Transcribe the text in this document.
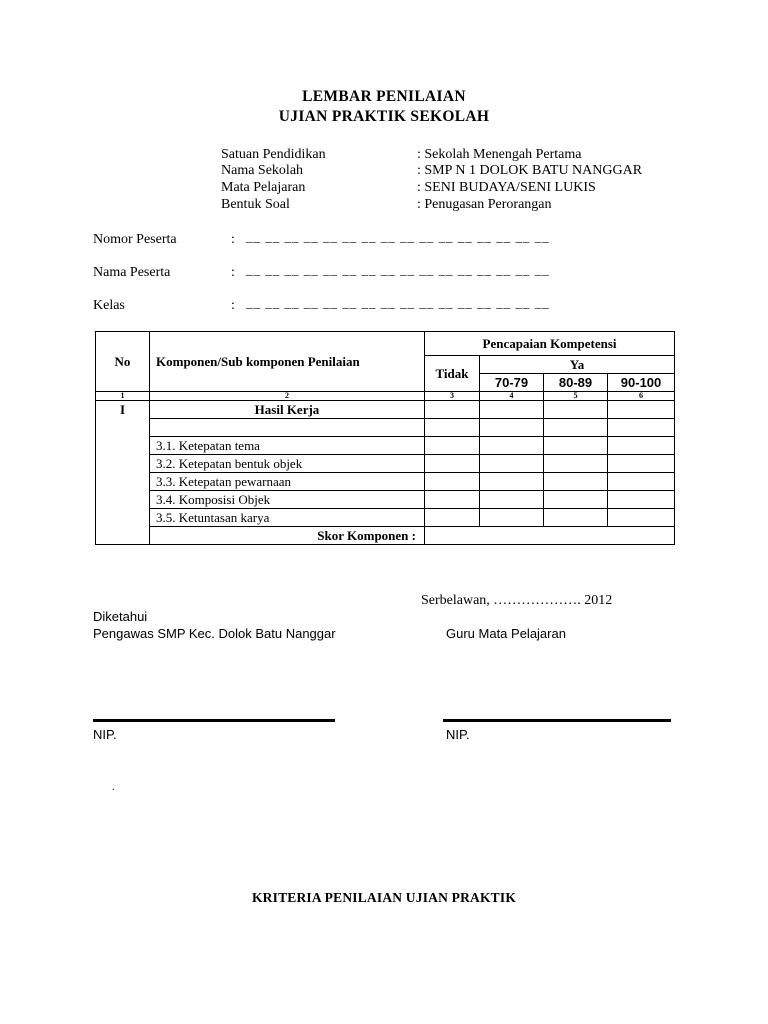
LEMBAR PENILAIAN
UJIAN PRAKTIK SEKOLAH
Satuan Pendidikan	: Sekolah Menengah Pertama
Nama Sekolah	: SMP N 1 DOLOK BATU NANGGAR
Mata Pelajaran	: SENI BUDAYA/SENI LUKIS
Bentuk Soal	: Penugasan Perorangan
Nomor Peserta	: __ __ __ __ __ __ __ __ __ __ __ __ __ __ __ __
Nama Peserta	: __ __ __ __ __ __ __ __ __ __ __ __ __ __ __ __
Kelas	: __ __ __ __ __ __ __ __ __ __ __ __ __ __ __ __
No	Komponen/Sub komponen Penilaian	Pencapaian Kompetensi			
		Tidak	Ya		
			70-79	80-89	90-100
1	2	3	4	5	6
I	Hasil Kerja				

	3.1. Ketepatan tema				
	3.2. Ketepatan bentuk objek				
	3.3. Ketepatan pewarnaan				
	3.4. Komposisi Objek				
	3.5. Ketuntasan karya				
	Skor Komponen :				
Serbelawan, ………………. 2012
Diketahui
Pengawas SMP Kec. Dolok Batu Nanggar	Guru Mata Pelajaran
NIP.	NIP.
.
KRITERIA PENILAIAN UJIAN PRAKTIK
